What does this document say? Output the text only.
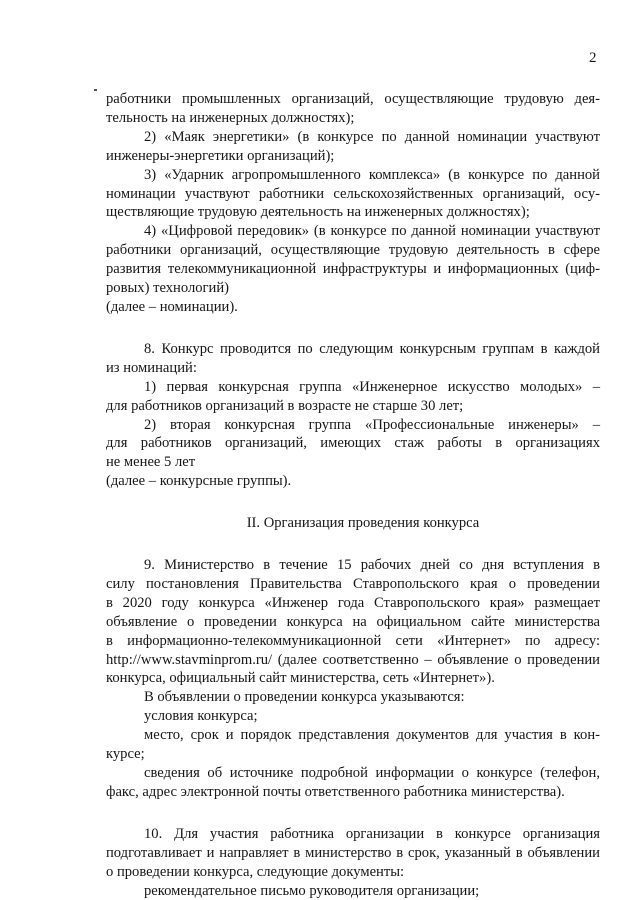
2
работники промышленных организаций, осуществляющие трудовую дея-
тельность на инженерных должностях);
2) «Маяк энергетики» (в конкурсе по данной номинации участвуют
инженеры-энергетики организаций);
3) «Ударник агропромышленного комплекса» (в конкурсе по данной
номинации участвуют работники сельскохозяйственных организаций, осу-
ществляющие трудовую деятельность на инженерных должностях);
4) «Цифровой передовик» (в конкурсе по данной номинации участвуют
работники организаций, осуществляющие трудовую деятельность в сфере
развития телекоммуникационной инфраструктуры и информационных (циф-
ровых) технологий)
(далее – номинации).
8. Конкурс проводится по следующим конкурсным группам в каждой
из номинаций:
1) первая конкурсная группа «Инженерное искусство молодых» –
для работников организаций в возрасте не старше 30 лет;
2) вторая конкурсная группа «Профессиональные инженеры» –
для работников организаций, имеющих стаж работы в организациях
не менее 5 лет
(далее – конкурсные группы).
II. Организация проведения конкурса
9. Министерство в течение 15 рабочих дней со дня вступления в
силу постановления Правительства Ставропольского края о проведении
в 2020 году конкурса «Инженер года Ставропольского края» размещает
объявление о проведении конкурса на официальном сайте министерства
в информационно-телекоммуникационной сети «Интернет» по адресу:
http://www.stavminprom.ru/ (далее соответственно – объявление о проведении
конкурса, официальный сайт министерства, сеть «Интернет»).
В объявлении о проведении конкурса указываются:
условия конкурса;
место, срок и порядок представления документов для участия в кон-
курсе;
сведения об источнике подробной информации о конкурсе (телефон,
факс, адрес электронной почты ответственного работника министерства).
10. Для участия работника организации в конкурсе организация
подготавливает и направляет в министерство в срок, указанный в объявлении
о проведении конкурса, следующие документы:
рекомендательное письмо руководителя организации;
